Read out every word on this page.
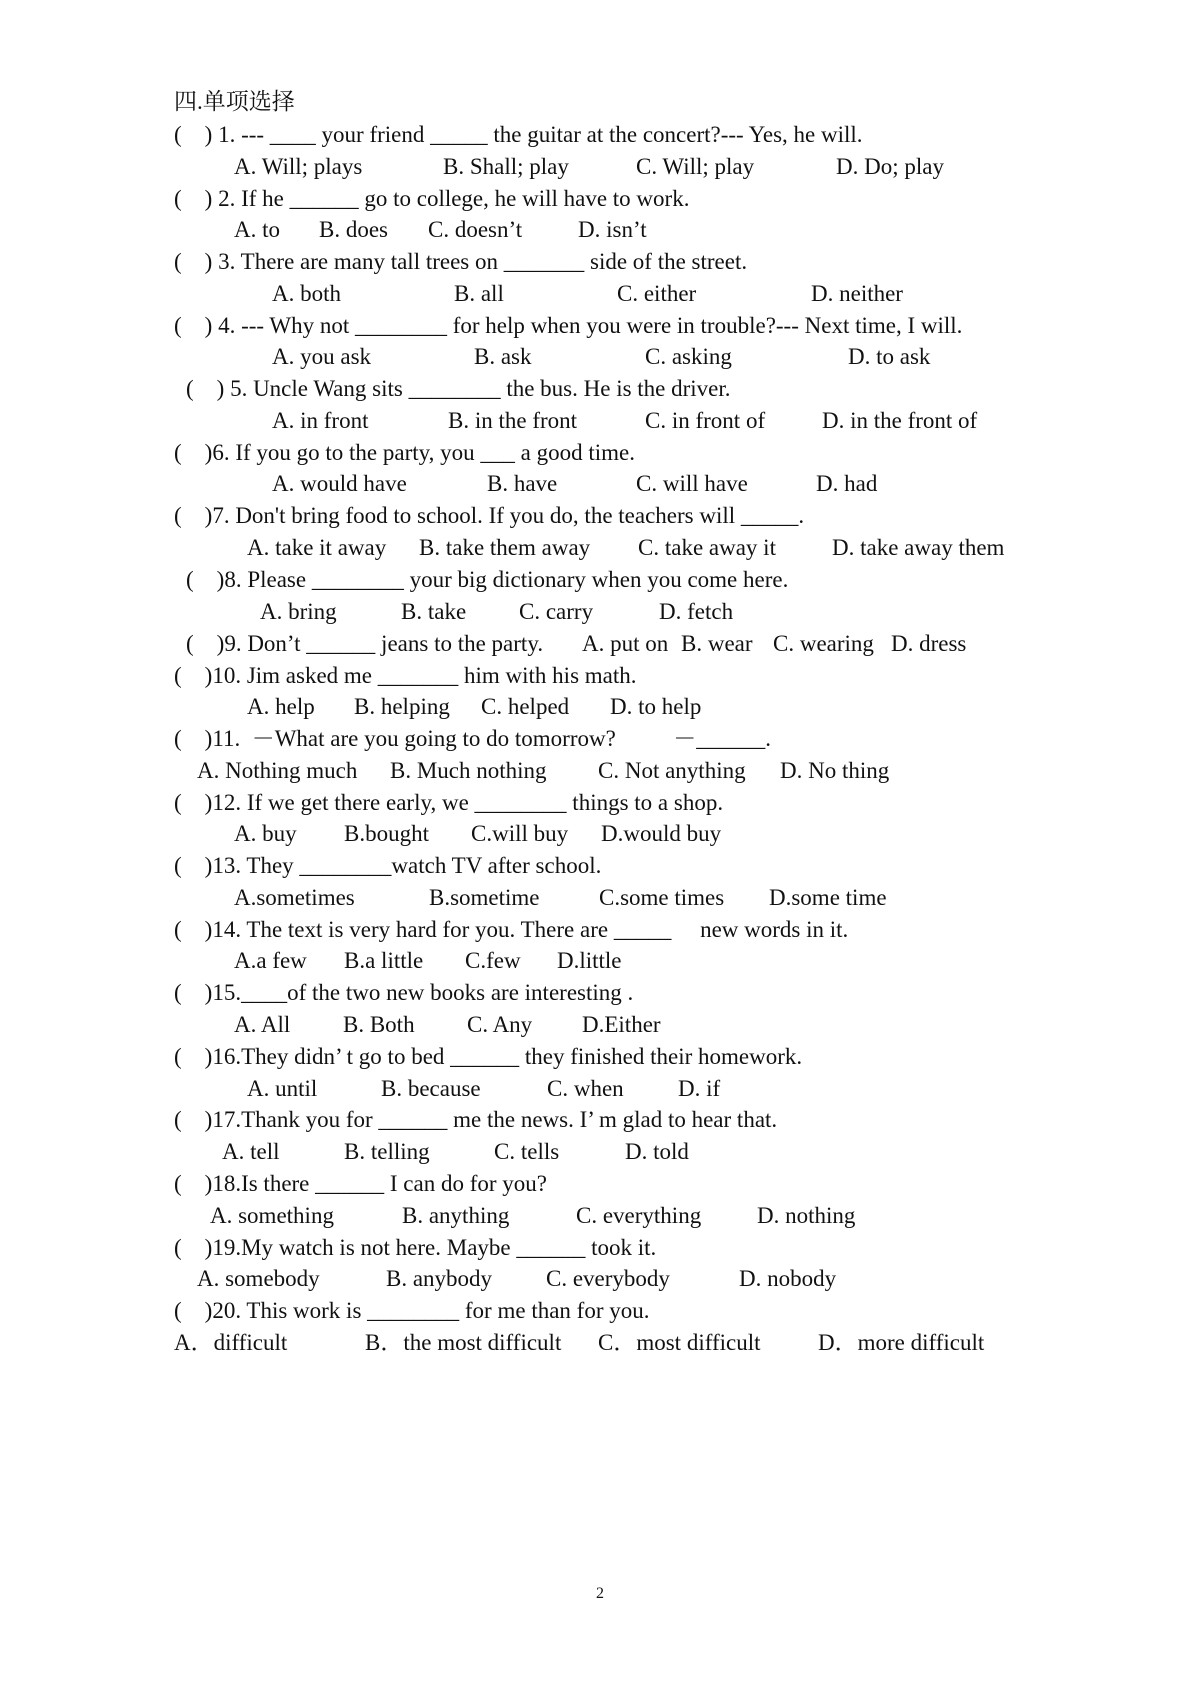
四.单项选择
(    ) 1. --- ____ your friend _____ the guitar at the concert?--- Yes, he will.
A. Will; plays	B. Shall; play	C. Will; play	D. Do; play
(    ) 2. If he ______ go to college, he will have to work.
A. to B. does C. doesn’t D. isn’t
(    ) 3. There are many tall trees on _______ side of the street.
A. both	B. all	C. either	D. neither
(    ) 4. --- Why not ________ for help when you were in trouble?--- Next time, I will.
A. you ask	B. ask	C. asking	D. to ask
(    ) 5. Uncle Wang sits ________ the bus. He is the driver.
A. in front	B. in the front	C. in front of D. in the front of
(    )6. If you go to the party, you ___ a good time.
A. would have	B. have	C. will have	D. had
(    )7. Don't bring food to school. If you do, the teachers will _____.
A. take it away B. take them away C. take away it D. take away them
(    )8. Please ________ your big dictionary when you come here.
A. bring	B. take C. carry	D. fetch
(    )9. Don’t ______ jeans to the party. A. put on B. wear C. wearing D. dress
(    )10. Jim asked me _______ him with his math.
A. help B. helping C. helped D. to help
(    )11.  －What are you going to do tomorrow?          －______.
A. Nothing much B. Much nothing C. Not anything D. No thing
(    )12. If we get there early, we ________ things to a shop.
A. buy B.bought C.will buy D.would buy
(    )13. They ________watch TV after school.
A.sometimes	B.sometime	C.some times D.some time
(    )14. The text is very hard for you. There are _____     new words in it.
A.a few B.a little C.few D.little
(    )15.____of the two new books are interesting .
A. All B. Both C. Any D.Either
(    )16.They didn’ t go to bed ______ they finished their homework.
A. until	B. because	C. when D. if
(    )17.Thank you for ______ me the news. I’ m glad to hear that.
A. tell	B. telling	C. tells	D. told
(    )18.Is there ______ I can do for you?
A. something	B. anything	C. everything D. nothing
(    )19.My watch is not here. Maybe ______ took it.
A. somebody	B. anybody C. everybody	D. nobody
(    )20. This work is ________ for me than for you.
A．difficult	B．the most difficult C．most difficult	D．more difficult
2
